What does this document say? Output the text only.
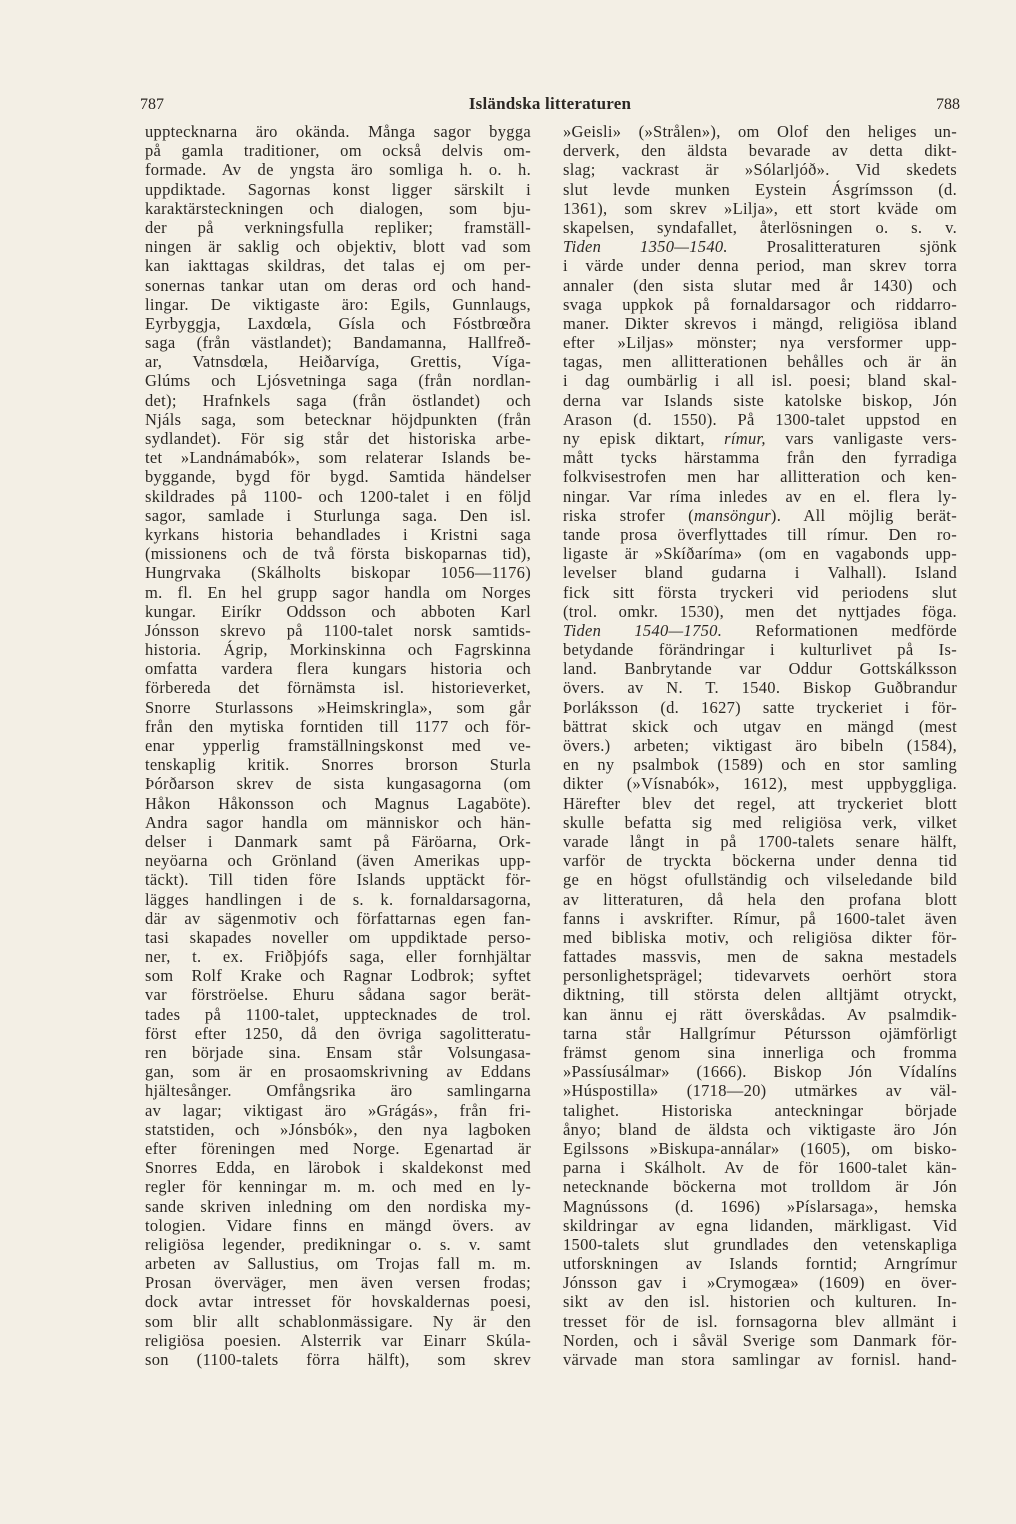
787	Isländska litteraturen	788
upptecknarna äro okända. Många sagor bygga
på gamla traditioner, om också delvis om-
formade. Av de yngsta äro somliga h. o. h.
uppdiktade. Sagornas konst ligger särskilt i
karaktärsteckningen och dialogen, som bju-
der på verkningsfulla repliker; framställ-
ningen är saklig och objektiv, blott vad som
kan iakttagas skildras, det talas ej om per-
sonernas tankar utan om deras ord och hand-
lingar. De viktigaste äro: Egils, Gunnlaugs,
Eyrbyggja, Laxdœla, Gísla och Fóstbrœðra
saga (från västlandet); Bandamanna, Hallfreð-
ar, Vatnsdœla, Heiðarvíga, Grettis, Víga-
Glúms och Ljósvetninga saga (från nordlan-
det); Hrafnkels saga (från östlandet) och
Njáls saga, som betecknar höjdpunkten (från
sydlandet). För sig står det historiska arbe-
tet »Landnámabók», som relaterar Islands be-
byggande, bygd för bygd. Samtida händelser
skildrades på 1100- och 1200-talet i en följd
sagor, samlade i Sturlunga saga. Den isl.
kyrkans historia behandlades i Kristni saga
(missionens och de två första biskoparnas tid),
Hungrvaka (Skálholts biskopar 1056—1176)
m. fl. En hel grupp sagor handla om Norges
kungar. Eiríkr Oddsson och abboten Karl
Jónsson skrevo på 1100-talet norsk samtids-
historia. Ágrip, Morkinskinna och Fagrskinna
omfatta vardera flera kungars historia och
förbereda det förnämsta isl. historieverket,
Snorre Sturlassons »Heimskringla», som går
från den mytiska forntiden till 1177 och för-
enar ypperlig framställningskonst med ve-
tenskaplig kritik. Snorres brorson Sturla
Þórðarson skrev de sista kungasagorna (om
Håkon Håkonsson och Magnus Lagaböte).
Andra sagor handla om människor och hän-
delser i Danmark samt på Färöarna, Ork-
neyöarna och Grönland (även Amerikas upp-
täckt). Till tiden före Islands upptäckt för-
lägges handlingen i de s. k. fornaldarsagorna,
där av sägenmotiv och författarnas egen fan-
tasi skapades noveller om uppdiktade perso-
ner, t. ex. Friðþjófs saga, eller fornhjältar
som Rolf Krake och Ragnar Lodbrok; syftet
var förströelse. Ehuru sådana sagor berät-
tades på 1100-talet, upptecknades de trol.
först efter 1250, då den övriga sagolitteratu-
ren började sina. Ensam står Volsungasa-
gan, som är en prosaomskrivning av Eddans
hjältesånger. Omfångsrika äro samlingarna
av lagar; viktigast äro »Grágás», från fri-
statstiden, och »Jónsbók», den nya lagboken
efter föreningen med Norge. Egenartad är
Snorres Edda, en lärobok i skaldekonst med
regler för kenningar m. m. och med en ly-
sande skriven inledning om den nordiska my-
tologien. Vidare finns en mängd övers. av
religiösa legender, predikningar o. s. v. samt
arbeten av Sallustius, om Trojas fall m. m.
Prosan överväger, men även versen frodas;
dock avtar intresset för hovskaldernas poesi,
som blir allt schablonmässigare. Ny är den
religiösa poesien. Alsterrik var Einarr Skúla-
son (1100-talets förra hälft), som skrev
»Geisli» (»Strålen»), om Olof den heliges un-
derverk, den äldsta bevarade av detta dikt-
slag; vackrast är »Sólarljóð». Vid skedets
slut levde munken Eystein Ásgrímsson (d.
1361), som skrev »Lilja», ett stort kväde om
skapelsen, syndafallet, återlösningen o. s. v.
Tiden 1350—1540. Prosalitteraturen sjönk
i värde under denna period, man skrev torra
annaler (den sista slutar med år 1430) och
svaga uppkok på fornaldarsagor och riddarro-
maner. Dikter skrevos i mängd, religiösa ibland
efter »Liljas» mönster; nya versformer upp-
tagas, men allitterationen behålles och är än
i dag oumbärlig i all isl. poesi; bland skal-
derna var Islands siste katolske biskop, Jón
Arason (d. 1550). På 1300-talet uppstod en
ny episk diktart, rímur, vars vanligaste vers-
mått tycks härstamma från den fyrradiga
folkvisestrofen men har allitteration och ken-
ningar. Var ríma inledes av en el. flera ly-
riska strofer (mansöngur). All möjlig berät-
tande prosa överflyttades till rímur. Den ro-
ligaste är »Skíðaríma» (om en vagabonds upp-
levelser bland gudarna i Valhall). Island
fick sitt första tryckeri vid periodens slut
(trol. omkr. 1530), men det nyttjades föga.
Tiden 1540—1750. Reformationen medförde
betydande förändringar i kulturlivet på Is-
land. Banbrytande var Oddur Gottskálksson
övers. av N. T. 1540. Biskop Guðbrandur
Þorláksson (d. 1627) satte tryckeriet i för-
bättrat skick och utgav en mängd (mest
övers.) arbeten; viktigast äro bibeln (1584),
en ny psalmbok (1589) och en stor samling
dikter (»Vísnabók», 1612), mest uppbyggliga.
Härefter blev det regel, att tryckeriet blott
skulle befatta sig med religiösa verk, vilket
varade långt in på 1700-talets senare hälft,
varför de tryckta böckerna under denna tid
ge en högst ofullständig och vilseledande bild
av litteraturen, då hela den profana blott
fanns i avskrifter. Rímur, på 1600-talet även
med bibliska motiv, och religiösa dikter för-
fattades massvis, men de sakna mestadels
personlighetsprägel; tidevarvets oerhört stora
diktning, till största delen alltjämt otryckt,
kan ännu ej rätt överskådas. Av psalmdik-
tarna står Hallgrímur Pétursson ojämförligt
främst genom sina innerliga och fromma
»Passíusálmar» (1666). Biskop Jón Vídalíns
»Húspostilla» (1718—20) utmärkes av väl-
talighet. Historiska anteckningar började
ånyo; bland de äldsta och viktigaste äro Jón
Egilssons »Biskupa-annálar» (1605), om bisko-
parna i Skálholt. Av de för 1600-talet kän-
netecknande böckerna mot trolldom är Jón
Magnússons (d. 1696) »Píslarsaga», hemska
skildringar av egna lidanden, märkligast. Vid
1500-talets slut grundlades den vetenskapliga
utforskningen av Islands forntid; Arngrímur
Jónsson gav i »Crymogæa» (1609) en över-
sikt av den isl. historien och kulturen. In-
tresset för de isl. fornsagorna blev allmänt i
Norden, och i såväl Sverige som Danmark för-
värvade man stora samlingar av fornisl. hand-
